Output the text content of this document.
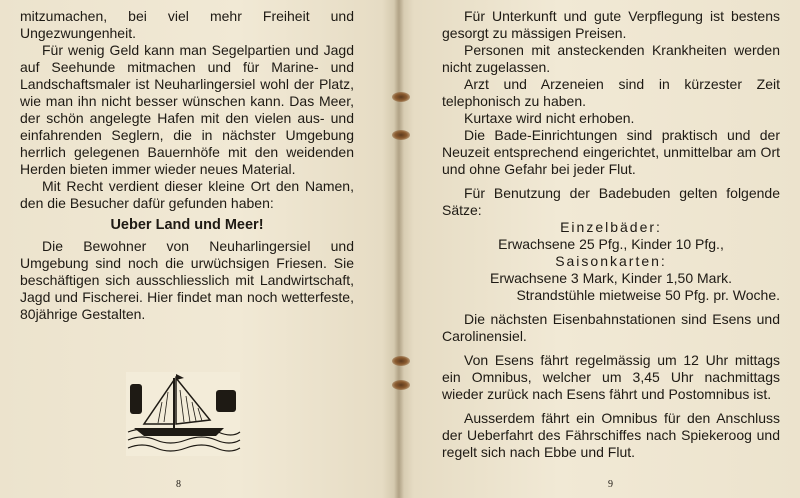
mitzumachen, bei viel mehr Freiheit und Ungezwungenheit.

Für wenig Geld kann man Segelpartien und Jagd auf Seehunde mitmachen und für Marine- und Landschaftsmaler ist Neuharlingersiel wohl der Platz, wie man ihn nicht besser wünschen kann. Das Meer, der schön angelegte Hafen mit den vielen aus- und einfahrenden Seglern, die in nächster Umgebung herrlich gelegenen Bauernhöfe mit den weidenden Herden bieten immer wieder neues Material.

Mit Recht verdient dieser kleine Ort den Namen, den die Besucher dafür gefunden haben:

Ueber Land und Meer!

Die Bewohner von Neuharlingersiel und Umgebung sind noch die urwüchsigen Friesen. Sie beschäftigen sich ausschliesslich mit Landwirtschaft, Jagd und Fischerei. Hier findet man noch wetterfeste, 80jährige Gestalten.

8

Für Unterkunft und gute Verpflegung ist bestens gesorgt zu mässigen Preisen.

Personen mit ansteckenden Krankheiten werden nicht zugelassen.

Arzt und Arzeneien sind in kürzester Zeit telephonisch zu haben.

Kurtaxe wird nicht erhoben.

Die Bade-Einrichtungen sind praktisch und der Neuzeit entsprechend eingerichtet, unmittelbar am Ort und ohne Gefahr bei jeder Flut.

Für Benutzung der Badebuden gelten folgende Sätze:

Einzelbäder:

Erwachsene 25 Pfg., Kinder 10 Pfg.,

Saisonkarten:

Erwachsene 3 Mark, Kinder 1,50 Mark.

Strandstühle mietweise 50 Pfg. pr. Woche.

Die nächsten Eisenbahnstationen sind Esens und Carolinensiel.

Von Esens fährt regelmässig um 12 Uhr mittags ein Omnibus, welcher um 3,45 Uhr nachmittags wieder zurück nach Esens fährt und Postomnibus ist.

Ausserdem fährt ein Omnibus für den Anschluss der Ueberfahrt des Fährschiffes nach Spiekeroog und regelt sich nach Ebbe und Flut.

9
